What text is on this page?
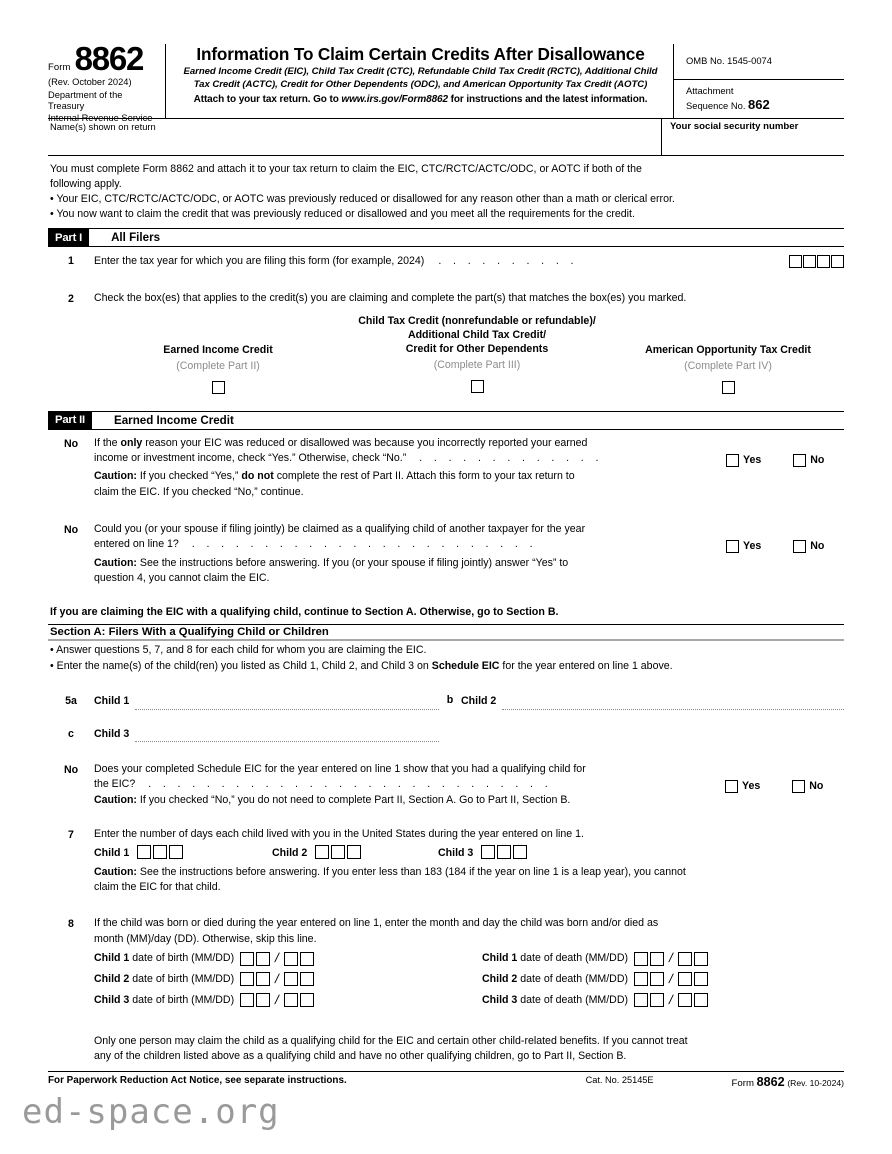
Form 8862
(Rev. October 2024)
Department of the Treasury
Internal Revenue Service
Information To Claim Certain Credits After Disallowance
Earned Income Credit (EIC), Child Tax Credit (CTC), Refundable Child Tax Credit (RCTC), Additional Child
Tax Credit (ACTC), Credit for Other Dependents (ODC), and American Opportunity Tax Credit (AOTC)
Attach to your tax return. Go to www.irs.gov/Form8862 for instructions and the latest information.
OMB No. 1545-0074
Attachment
Sequence No. 862
Name(s) shown on return	Your social security number

You must complete Form 8862 and attach it to your tax return to claim the EIC, CTC/RCTC/ACTC/ODC, or AOTC if both of the

following apply.

• Your EIC, CTC/RCTC/ACTC/ODC, or AOTC was previously reduced or disallowed for any reason other than a math or clerical error.

• You now want to claim the credit that was previously reduced or disallowed and you meet all the requirements for the credit.

Part I	All Filers
1	Enter the tax year for which you are filing this form (for example, 2024) . . . . . . . . . .
2	Check the box(es) that applies to the credit(s) you are claiming and complete the part(s) that matches the box(es) you marked.
Earned Income Credit
(Complete Part II)
Child Tax Credit (nonrefundable or refundable)/
Additional Child Tax Credit/
Credit for Other Dependents
(Complete Part III)
American Opportunity Tax Credit
(Complete Part IV)
Part II	Earned Income Credit
No	If the only reason your EIC was reduced or disallowed was because you incorrectly reported your earned
income or investment income, check “Yes.” Otherwise, check “No.” . . . . . . . . . . . . .
Caution: If you checked “Yes,” do not complete the rest of Part II. Attach this form to your tax return to
claim the EIC. If you checked “No,” continue.
Yes	No
No	Could you (or your spouse if filing jointly) be claimed as a qualifying child of another taxpayer for the year
entered on line 1? . . . . . . . . . . . . . . . . . . . . . . . .
Caution: See the instructions before answering. If you (or your spouse if filing jointly) answer “Yes” to
question 4, you cannot claim the EIC.
Yes	No
If you are claiming the EIC with a qualifying child, continue to Section A. Otherwise, go to Section B.
Section A: Filers With a Qualifying Child or Children
• Answer questions 5, 7, and 8 for each child for whom you are claiming the EIC.
• Enter the name(s) of the child(ren) you listed as Child 1, Child 2, and Child 3 on Schedule EIC for the year entered on line 1 above.
5a	Child 1	b Child 2
c	Child 3
No	Does your completed Schedule EIC for the year entered on line 1 show that you had a qualifying child for
the EIC? . . . . . . . . . . . . . . . . . . . . . . . . . . . .
Caution: If you checked “No,” you do not need to complete Part II, Section A. Go to Part II, Section B.
Yes	No
7	Enter the number of days each child lived with you in the United States during the year entered on line 1.
Child 1	Child 2	Child 3
Caution: See the instructions before answering. If you enter less than 183 (184 if the year on line 1 is a leap year), you cannot
claim the EIC for that child.
8	If the child was born or died during the year entered on line 1, enter the month and day the child was born and/or died as
month (MM)/day (DD). Otherwise, skip this line.
Child 1 date of birth (MM/DD)	/	Child 1 date of death (MM/DD)	/
Child 2 date of birth (MM/DD)	/	Child 2 date of death (MM/DD)	/
Child 3 date of birth (MM/DD)	/	Child 3 date of death (MM/DD)	/
Only one person may claim the child as a qualifying child for the EIC and certain other child-related benefits. If you cannot treat
any of the children listed above as a qualifying child and have no other qualifying children, go to Part II, Section B.
For Paperwork Reduction Act Notice, see separate instructions.	Cat. No. 25145E	Form 8862 (Rev. 10-2024)
ed-space.org
